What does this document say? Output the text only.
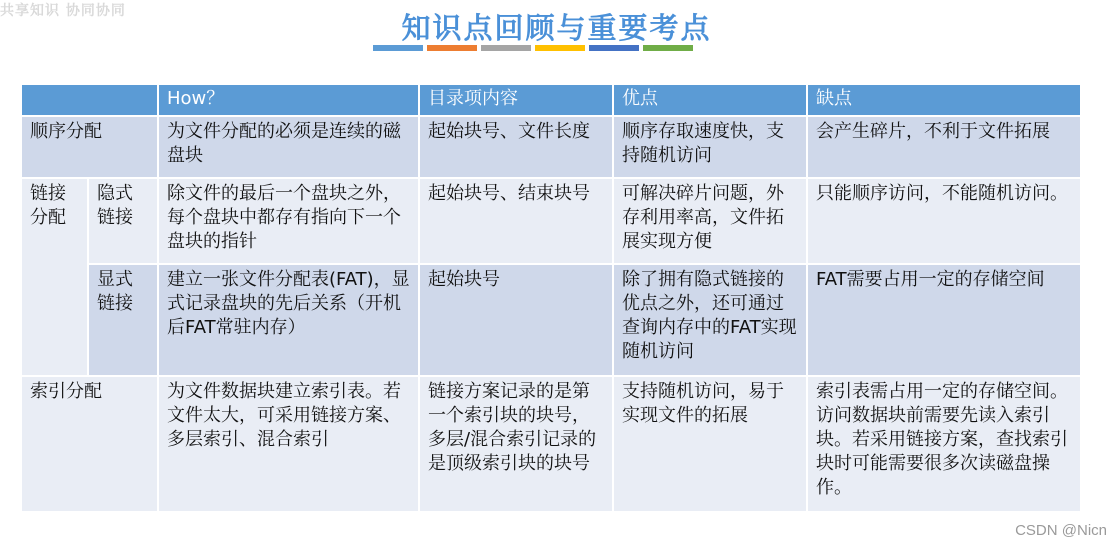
共享知识 协同协同	知识点回顾与重要考点
		How？	目录项内容	优点	缺点
顺序分配		为文件分配的必须是连续的磁盘块	起始块号、文件长度	顺序存取速度快，支持随机访问	会产生碎片，不利于文件拓展
链接分配	隐式链接	除文件的最后一个盘块之外，每个盘块中都存有指向下一个盘块的指针	起始块号、结束块号	可解决碎片问题，外存利用率高，文件拓展实现方便	只能顺序访问，不能随机访问。
	显式链接	建立一张文件分配表(FAT)，显式记录盘块的先后关系（开机后FAT常驻内存）	起始块号	除了拥有隐式链接的优点之外，还可通过查询内存中的FAT实现随机访问	FAT需要占用一定的存储空间
索引分配		为文件数据块建立索引表。若文件太大，可采用链接方案、多层索引、混合索引	链接方案记录的是第一个索引块的块号，多层/混合索引记录的是顶级索引块的块号	支持随机访问，易于实现文件的拓展	索引表需占用一定的存储空间。访问数据块前需要先读入索引块。若采用链接方案，查找索引块时可能需要很多次读磁盘操作。
CSDN @Nicn
